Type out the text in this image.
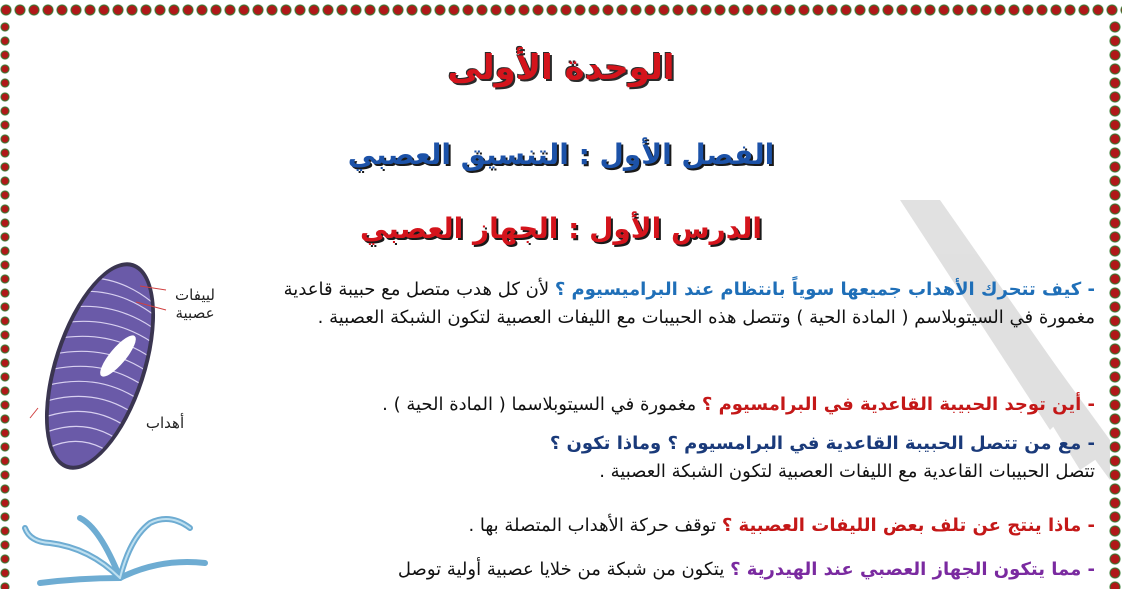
الوحدة الأولى
الفصل الأول : التنسيق العصبي
الدرس الأول : الجهاز العصبي
لييفات
عصبية
أهداب
- كيف تتحرك الأهداب جميعها سوياً بانتظام عند البراميسيوم ؟ لأن كل هدب متصل مع حبيبة قاعدية مغمورة في السيتوبلاسم ( المادة الحية ) وتتصل هذه الحبيبات مع الليفات العصبية لتكون الشبكة العصبية .
- أين توجد الحبيبة القاعدية في البرامسيوم ؟ مغمورة في السيتوبلاسما ( المادة الحية ) .
- مع من تتصل الحبيبة القاعدية في البرامسيوم ؟ وماذا تكون ؟
تتصل الحبيبات القاعدية مع الليفات العصبية لتكون الشبكة العصبية .
- ماذا ينتج عن تلف بعض الليفات العصبية ؟ توقف حركة الأهداب المتصلة بها .
- مما يتكون الجهاز العصبي عند الهيدرية ؟ يتكون من شبكة من خلايا عصبية أولية توصل
